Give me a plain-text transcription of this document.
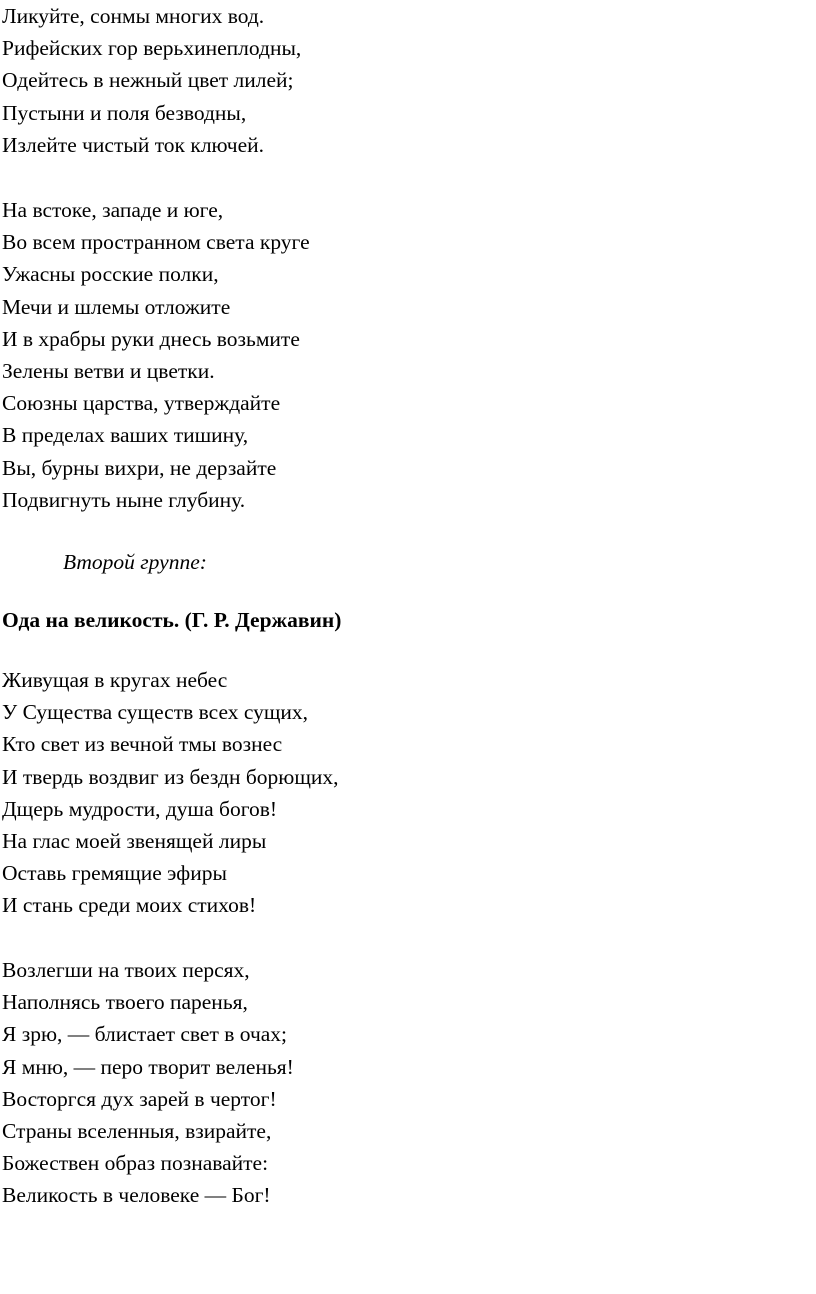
Ликуйте, сонмы многих вод.
Рифейских гор верьхинеплодны,
Одейтесь в нежный цвет лилей;
Пустыни и поля безводны,
Излейте чистый ток ключей.
На встоке, западе и юге,
Во всем пространном света круге
Ужасны росские полки,
Мечи и шлемы отложите
И в храбры руки днесь возьмите
Зелены ветви и цветки.
Союзны царства, утверждайте
В пределах ваших тишину,
Вы, бурны вихри, не дерзайте
Подвигнуть ныне глубину.
Второй группе:
Ода на великость. (Г. Р. Державин)
Живущая в кругах небес
У Существа существ всех сущих,
Кто свет из вечной тмы вознес
И твердь воздвиг из бездн борющих,
Дщерь мудрости, душа богов!
На глас моей звенящей лиры
Оставь гремящие эфиры
И стань среди моих стихов!
Возлегши на твоих персях,
Наполнясь твоего паренья,
Я зрю, — блистает свет в очах;
Я мню, — перо творит веленья!
Восторгся дух зарей в чертог!
Страны вселенныя, взирайте,
Божествен образ познавайте:
Великость в человеке — Бог!
